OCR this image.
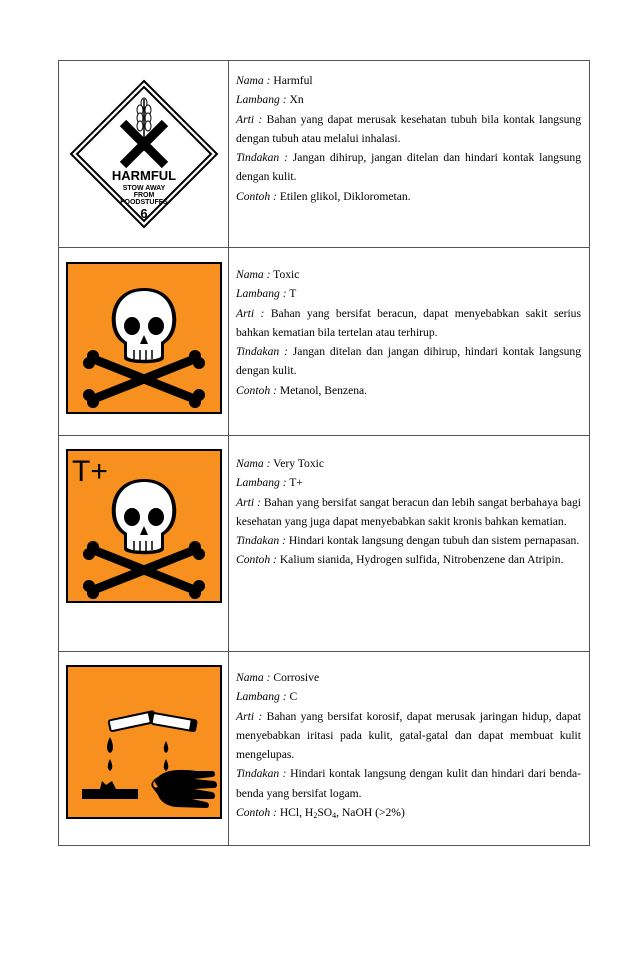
HARMFUL
STOW AWAY
FROM
FOODSTUFFS
6

Nama : Harmful

Lambang : Xn

Arti : Bahan yang dapat merusak kesehatan tubuh bila kontak langsung dengan tubuh atau melalui inhalasi.

Tindakan : Jangan dihirup, jangan ditelan dan hindari kontak langsung dengan kulit.

Contoh : Etilen glikol, Diklorometan.

Nama : Toxic

Lambang : T

Arti : Bahan yang bersifat beracun, dapat menyebabkan sakit serius bahkan kematian bila tertelan atau terhirup.

Tindakan : Jangan ditelan dan jangan dihirup, hindari kontak langsung dengan kulit.

Contoh : Metanol, Benzena.

T+	Nama : Very Toxic

Lambang : T+

Arti : Bahan yang bersifat sangat beracun dan lebih sangat berbahaya bagi kesehatan yang juga dapat menyebabkan sakit kronis bahkan kematian.

Tindakan : Hindari kontak langsung dengan tubuh dan sistem pernapasan.

Contoh : Kalium sianida, Hydrogen sulfida, Nitrobenzene dan Atripin.

Nama : Corrosive

Lambang : C

Arti : Bahan yang bersifat korosif, dapat merusak jaringan hidup, dapat menyebabkan iritasi pada kulit, gatal-gatal dan dapat membuat kulit mengelupas.

Tindakan : Hindari kontak langsung dengan kulit dan hindari dari benda-benda yang bersifat logam.

Contoh : HCl, $H_2SO_4$, NaOH (>2%)
